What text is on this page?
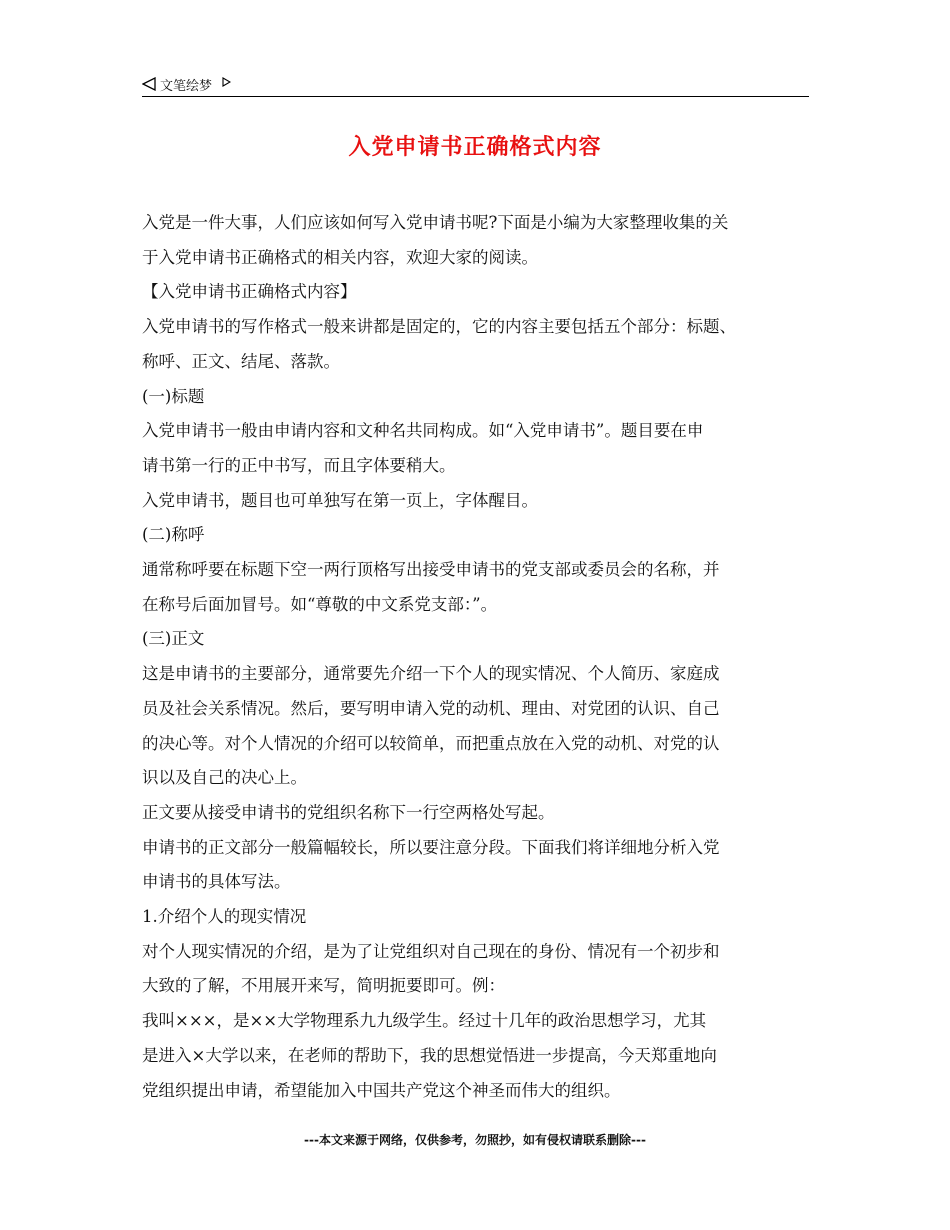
文笔绘梦
入党申请书正确格式内容

入党是一件大事，人们应该如何写入党申请书呢?下面是小编为大家整理收集的关

于入党申请书正确格式的相关内容，欢迎大家的阅读。

【入党申请书正确格式内容】

入党申请书的写作格式一般来讲都是固定的，它的内容主要包括五个部分：标题、

称呼、正文、结尾、落款。

(一)标题

入党申请书一般由申请内容和文种名共同构成。如“入党申请书”。题目要在申

请书第一行的正中书写，而且字体要稍大。

入党申请书，题目也可单独写在第一页上，字体醒目。

(二)称呼

通常称呼要在标题下空一两行顶格写出接受申请书的党支部或委员会的名称，并

在称号后面加冒号。如“尊敬的中文系党支部：”。

(三)正文

这是申请书的主要部分，通常要先介绍一下个人的现实情况、个人简历、家庭成

员及社会关系情况。然后，要写明申请入党的动机、理由、对党团的认识、自己

的决心等。对个人情况的介绍可以较简单，而把重点放在入党的动机、对党的认

识以及自己的决心上。

正文要从接受申请书的党组织名称下一行空两格处写起。

申请书的正文部分一般篇幅较长，所以要注意分段。下面我们将详细地分析入党

申请书的具体写法。

1.介绍个人的现实情况

对个人现实情况的介绍，是为了让党组织对自己现在的身份、情况有一个初步和

大致的了解，不用展开来写，简明扼要即可。例：

我叫×××，是××大学物理系九九级学生。经过十几年的政治思想学习，尤其

是进入×大学以来，在老师的帮助下，我的思想觉悟进一步提高，今天郑重地向

党组织提出申请，希望能加入中国共产党这个神圣而伟大的组织。

---本文来源于网络，仅供参考，勿照抄，如有侵权请联系删除---
